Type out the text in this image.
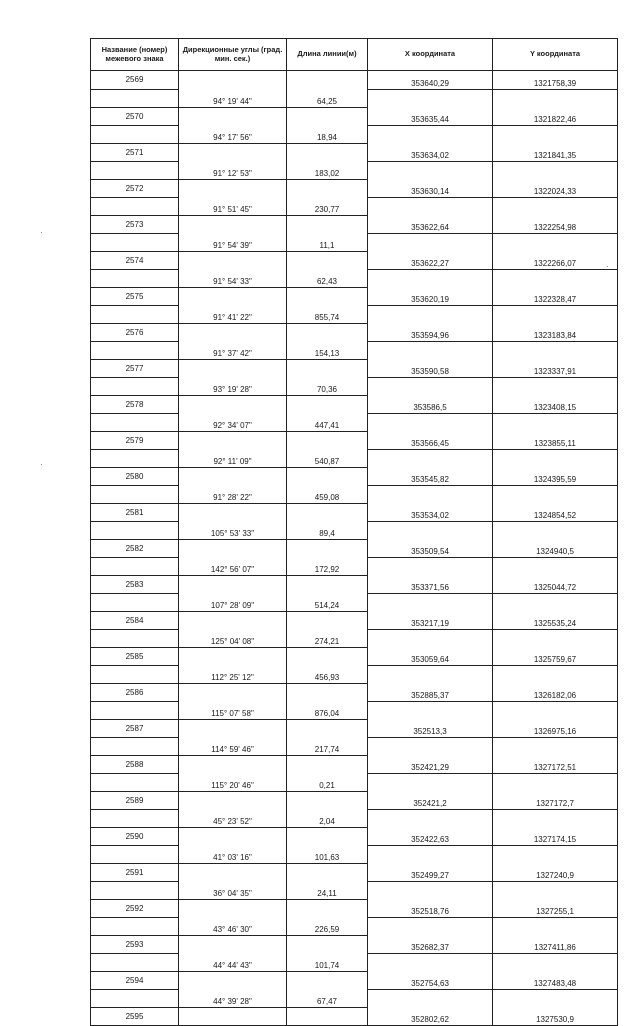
Название (номер) межевого знака	Дирекционные углы (град. мин. сек.)	Длина линии(м)	X координата	Y координата
2569			353640,29	1321758,39
	94° 19' 44"	64,25		
2570			353635,44	1321822,46
	94° 17' 56"	18,94		
2571			353634,02	1321841,35
	91° 12' 53"	183,02		
2572			353630,14	1322024,33
	91° 51' 45"	230,77		
2573			353622,64	1322254,98
	91° 54' 39"	11,1		
2574			353622,27	1322266,07
	91° 54' 33"	62,43		
2575			353620,19	1322328,47
	91° 41' 22"	855,74		
2576			353594,96	1323183,84
	91° 37' 42"	154,13		
2577			353590,58	1323337,91
	93° 19' 28"	70,36		
2578			353586,5	1323408,15
	92° 34' 07"	447,41		
2579			353566,45	1323855,11
	92° 11' 09"	540,87		
2580			353545,82	1324395,59
	91° 28' 22"	459,08		
2581			353534,02	1324854,52
	105° 53' 33"	89,4		
2582			353509,54	1324940,5
	142° 56' 07"	172,92		
2583			353371,56	1325044,72
	107° 28' 09"	514,24		
2584			353217,19	1325535,24
	125° 04' 08"	274,21		
2585			353059,64	1325759,67
	112° 25' 12"	456,93		
2586			352885,37	1326182,06
	115° 07' 58"	876,04		
2587			352513,3	1326975,16
	114° 59' 46"	217,74		
2588			352421,29	1327172,51
	115° 20' 46"	0,21		
2589			352421,2	1327172,7
	45° 23' 52"	2,04		
2590			352422,63	1327174,15
	41° 03' 16"	101,63		
2591			352499,27	1327240,9
	36° 04' 35"	24,11		
2592			352518,76	1327255,1
	43° 46' 30"	226,59		
2593			352682,37	1327411,86
	44° 44' 43"	101,74		
2594			352754,63	1327483,48
	44° 39' 28"	67,47		
2595			352802,62	1327530,9
·
·
·
